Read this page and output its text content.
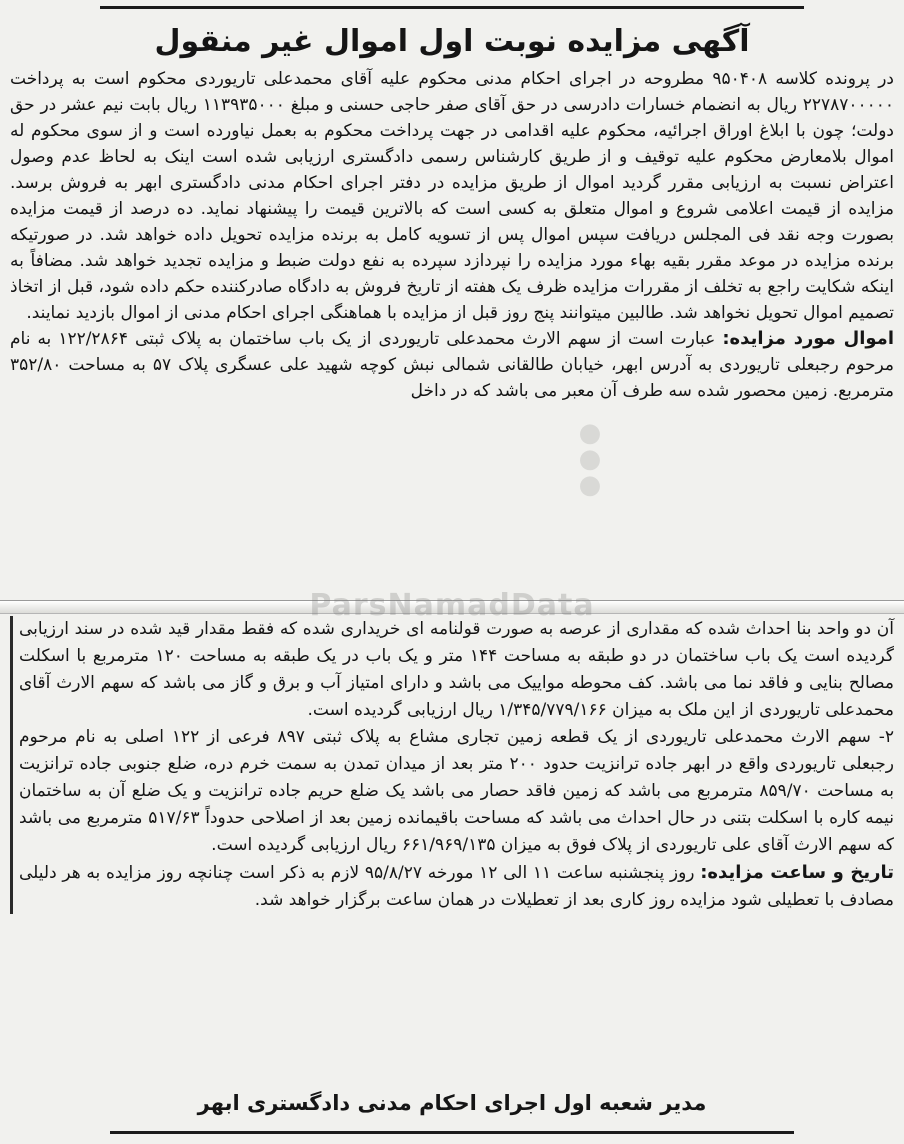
آگهی مزایده نوبت اول اموال غیر منقول

در پرونده کلاسه ۹۵۰۴۰۸ مطروحه در اجرای احکام مدنی محکوم علیه آقای محمدعلی تاریوردی محکوم است به پرداخت ۲۲۷۸۷۰۰۰۰۰ ریال به انضمام خسارات دادرسی در حق آقای صفر حاجی حسنی و مبلغ ۱۱۳۹۳۵۰۰۰ ریال بابت نیم عشر در حق دولت؛ چون با ابلاغ اوراق اجرائیه، محکوم علیه اقدامی در جهت پرداخت محکوم به بعمل نیاورده است و از سوی محکوم له اموال بلامعارض محکوم علیه توقیف و از طریق کارشناس رسمی دادگستری ارزیابی شده است اینک به لحاظ عدم وصول اعتراض نسبت به ارزیابی مقرر گردید اموال از طریق مزایده در دفتر اجرای احکام مدنی دادگستری ابهر به فروش برسد. مزایده از قیمت اعلامی شروع و اموال متعلق به کسی است که بالاترین قیمت را پیشنهاد نماید. ده درصد از قیمت مزایده بصورت وجه نقد فی المجلس دریافت سپس اموال پس از تسویه کامل به برنده مزایده تحویل داده خواهد شد. در صورتیکه برنده مزایده در موعد مقرر بقیه بهاء مورد مزایده را نپردازد سپرده به نفع دولت ضبط و مزایده تجدید خواهد شد. مضافاً به اینکه شکایت راجع به تخلف از مقررات مزایده ظرف یک هفته از تاریخ فروش به دادگاه صادرکننده حکم داده شود، قبل از اتخاذ تصمیم اموال تحویل نخواهد شد. طالبین میتوانند پنج روز قبل از مزایده با هماهنگی اجرای احکام مدنی از اموال بازدید نمایند.

اموال مورد مزایده: عبارت است از سهم الارث محمدعلی تاریوردی از یک باب ساختمان به پلاک ثبتی ۱۲۲/۲۸۶۴ به نام مرحوم رجبعلی تاریوردی به آدرس ابهر، خیابان طالقانی شمالی نبش کوچه شهید علی عسگری پلاک ۵۷ به مساحت ۳۵۲/۸۰ مترمربع. زمین محصور شده سه طرف آن معبر می باشد که در داخل

ParsNamadData
●
●
●

آن دو واحد بنا احداث شده که مقداری از عرصه به صورت قولنامه ای خریداری شده که فقط مقدار قید شده در سند ارزیابی گردیده است یک باب ساختمان در دو طبقه به مساحت ۱۴۴ متر و یک باب در یک طبقه به مساحت ۱۲۰ مترمربع با اسکلت مصالح بنایی و فاقد نما می باشد. کف محوطه مواییک می باشد و دارای امتیاز آب و برق و گاز می باشد که سهم الارث آقای محمدعلی تاریوردی از این ملک به میزان ۱/۳۴۵/۷۷۹/۱۶۶ ریال ارزیابی گردیده است.

۲- سهم الارث محمدعلی تاریوردی از یک قطعه زمین تجاری مشاع به پلاک ثبتی ۸۹۷ فرعی از ۱۲۲ اصلی به نام مرحوم رجبعلی تاریوردی واقع در ابهر جاده ترانزیت حدود ۲۰۰ متر بعد از میدان تمدن به سمت خرم دره، ضلع جنوبی جاده ترانزیت به مساحت ۸۵۹/۷۰ مترمربع می باشد که زمین فاقد حصار می باشد یک ضلع حریم جاده ترانزیت و یک ضلع آن به ساختمان نیمه کاره با اسکلت بتنی در حال احداث می باشد که مساحت باقیمانده زمین بعد از اصلاحی حدوداً ۵۱۷/۶۳ مترمربع می باشد که سهم الارث آقای علی تاریوردی از پلاک فوق به میزان ۶۶۱/۹۶۹/۱۳۵ ریال ارزیابی گردیده است.

تاریخ و ساعت مزایده: روز پنجشنبه ساعت ۱۱ الی ۱۲ مورخه ۹۵/۸/۲۷ لازم به ذکر است چنانچه روز مزایده به هر دلیلی مصادف با تعطیلی شود مزایده روز کاری بعد از تعطیلات در همان ساعت برگزار خواهد شد.

مدیر شعبه اول اجرای احکام مدنی دادگستری ابهر
